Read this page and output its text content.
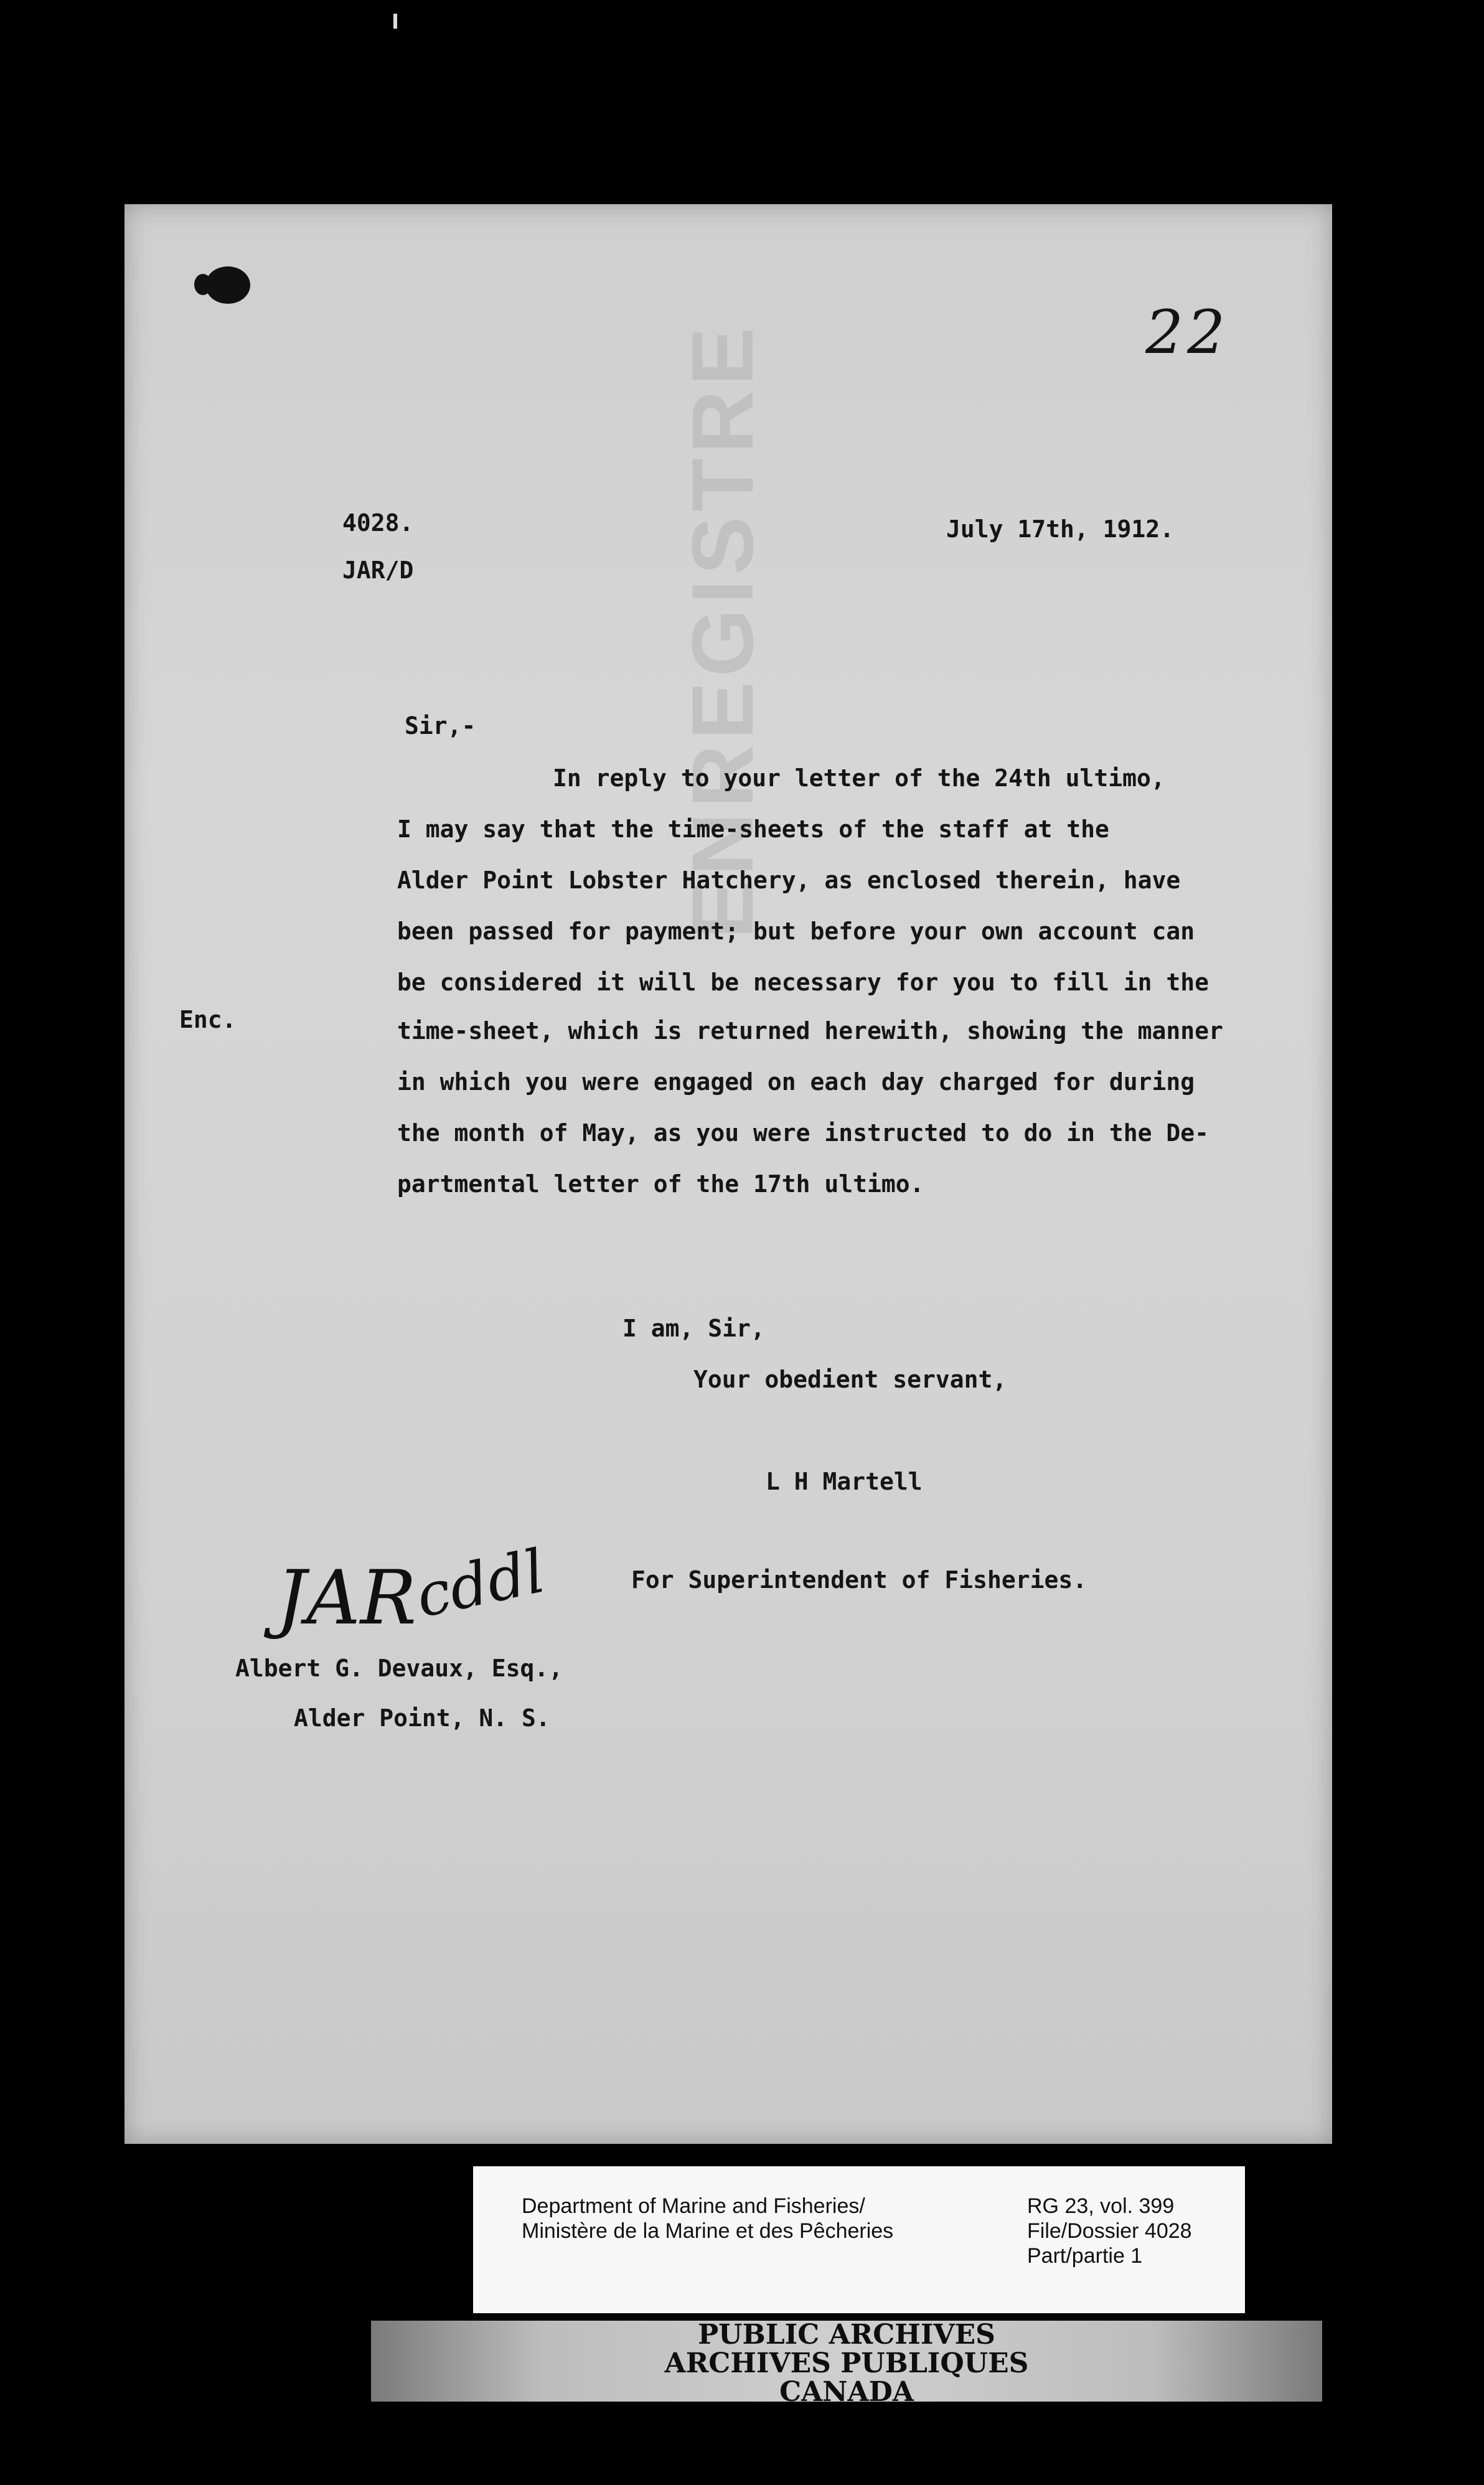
22
ENREGISTRE
4028.
JAR/D
July 17th, 1912.
Sir,-
Enc.
In reply to your letter of the 24th ultimo,
I may say that the time-sheets of the staff at the
Alder Point Lobster Hatchery, as enclosed therein, have
been passed for payment; but before your own account can
be considered it will be necessary for you to fill in the
time-sheet, which is returned herewith, showing the manner
in which you were engaged on each day charged for during
the month of May, as you were instructed to do in the De-
partmental letter of the 17th ultimo.
I am, Sir,
Your obedient servant,
L H Martell
For Superintendent of Fisheries.
JAR
cddl
Albert G. Devaux, Esq.,
Alder Point, N. S.
Department of Marine and Fisheries/
Ministère de la Marine et des Pêcheries
RG 23, vol. 399
File/Dossier 4028
Part/partie 1
PUBLIC ARCHIVES
ARCHIVES PUBLIQUES
CANADA
